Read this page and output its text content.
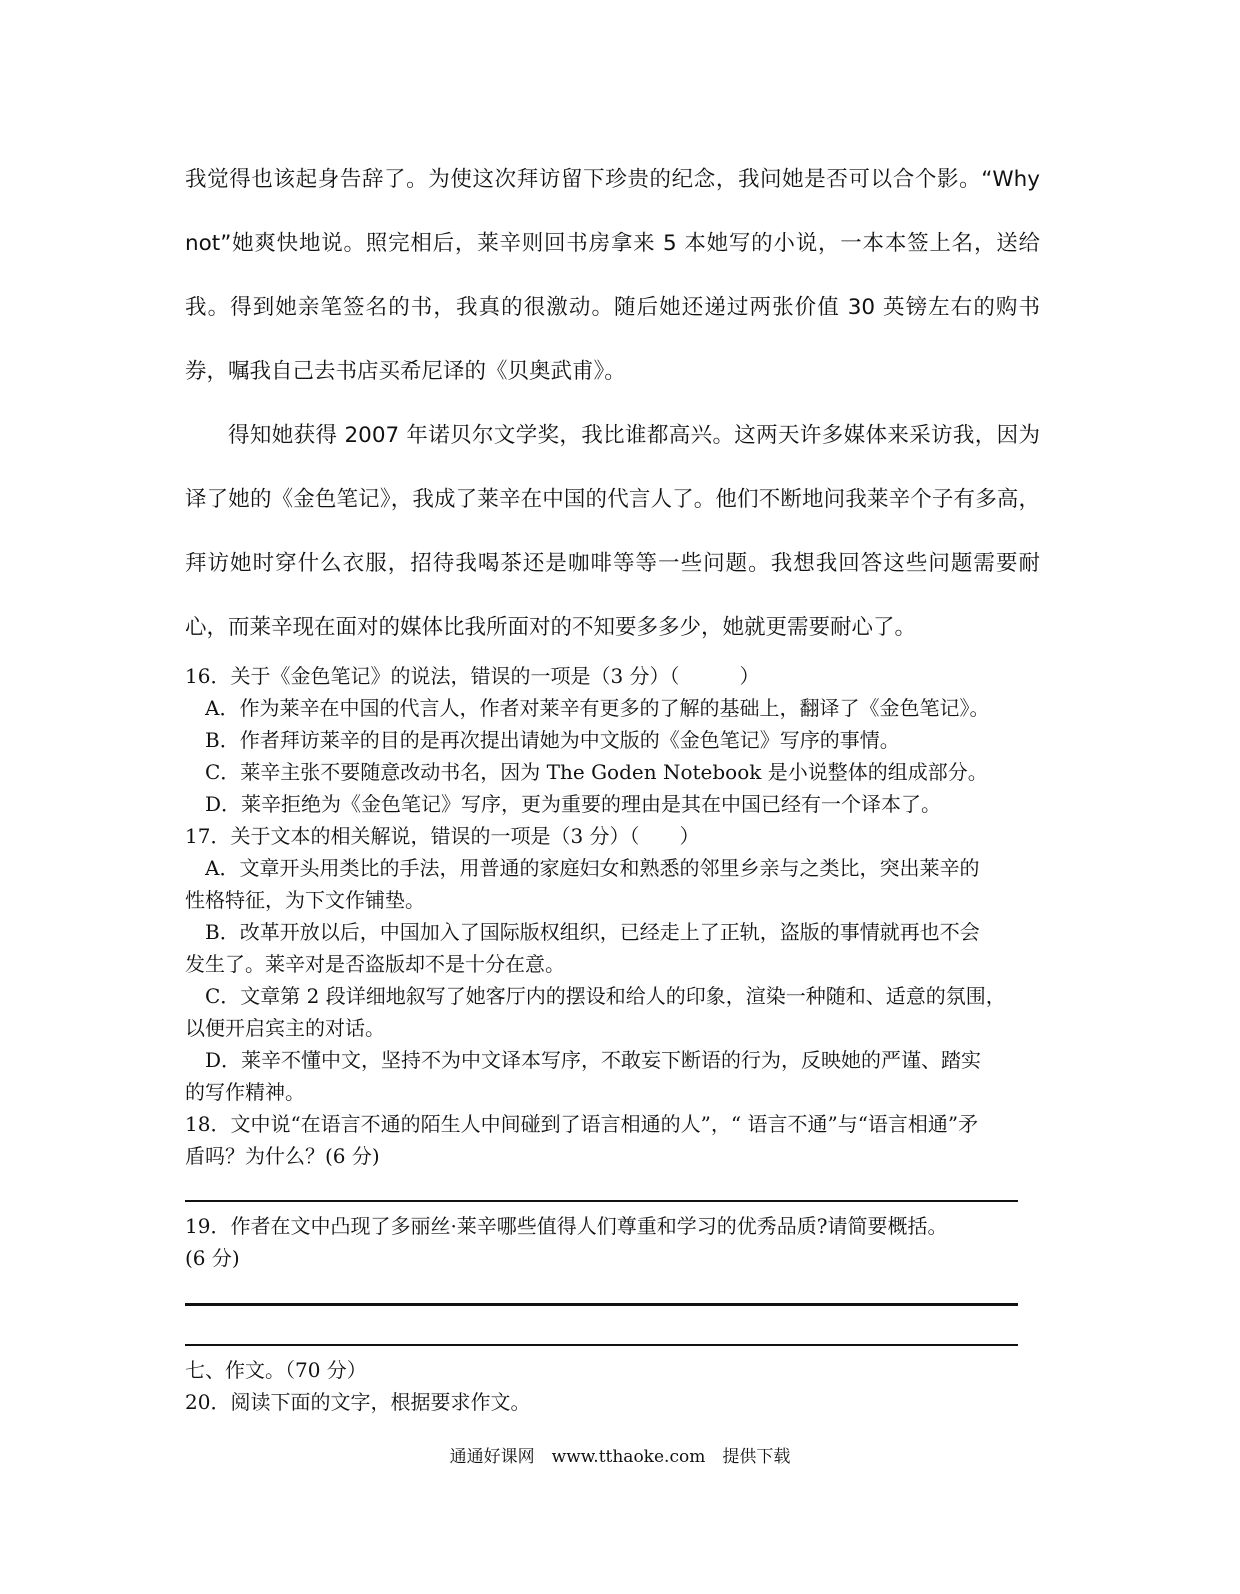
我觉得也该起身告辞了。为使这次拜访留下珍贵的纪念，我问她是否可以合个影。“Why not”她爽快地说。照完相后，莱辛则回书房拿来 5 本她写的小说，一本本签上名，送给我。得到她亲笔签名的书，我真的很激动。随后她还递过两张价值 30 英镑左右的购书券，嘱我自己去书店买希尼译的《贝奥武甫》。

得知她获得 2007 年诺贝尔文学奖，我比谁都高兴。这两天许多媒体来采访我，因为译了她的《金色笔记》，我成了莱辛在中国的代言人了。他们不断地问我莱辛个子有多高，拜访她时穿什么衣服，招待我喝茶还是咖啡等等一些问题。我想我回答这些问题需要耐心，而莱辛现在面对的媒体比我所面对的不知要多多少，她就更需要耐心了。

16．关于《金色笔记》的说法，错误的一项是（3 分）（　　　）

A．作为莱辛在中国的代言人，作者对莱辛有更多的了解的基础上，翻译了《金色笔记》。

B．作者拜访莱辛的目的是再次提出请她为中文版的《金色笔记》写序的事情。

C．莱辛主张不要随意改动书名，因为 The Goden Notebook 是小说整体的组成部分。

D．莱辛拒绝为《金色笔记》写序，更为重要的理由是其在中国已经有一个译本了。

17．关于文本的相关解说，错误的一项是（3 分）（　　）

A．文章开头用类比的手法，用普通的家庭妇女和熟悉的邻里乡亲与之类比，突出莱辛的

性格特征，为下文作铺垫。

B．改革开放以后，中国加入了国际版权组织，已经走上了正轨，盗版的事情就再也不会

发生了。莱辛对是否盗版却不是十分在意。

C．文章第 2 段详细地叙写了她客厅内的摆设和给人的印象，渲染一种随和、适意的氛围，

以便开启宾主的对话。

D．莱辛不懂中文，坚持不为中文译本写序，不敢妄下断语的行为，反映她的严谨、踏实

的写作精神。

18．文中说“在语言不通的陌生人中间碰到了语言相通的人”，“ 语言不通”与“语言相通”矛

盾吗？为什么？(6 分)

19．作者在文中凸现了多丽丝·莱辛哪些值得人们尊重和学习的优秀品质?请简要概括。

(6 分)

七、作文。（70 分）

20．阅读下面的文字，根据要求作文。

通通好课网　www.tthaoke.com　提供下载
